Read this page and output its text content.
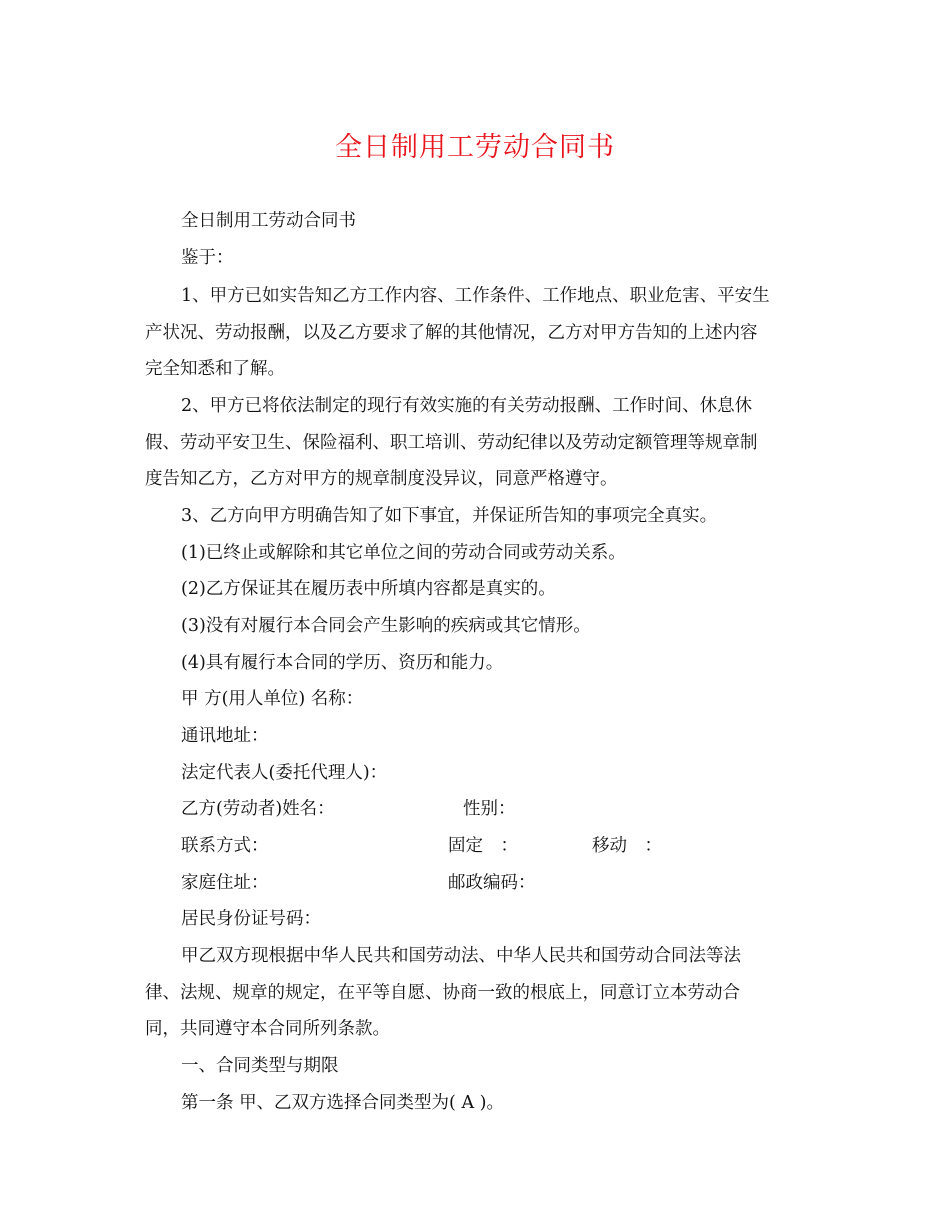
全日制用工劳动合同书
全日制用工劳动合同书
鉴于：
1、甲方已如实告知乙方工作内容、工作条件、工作地点、职业危害、平安生
产状况、劳动报酬，以及乙方要求了解的其他情况，乙方对甲方告知的上述内容
完全知悉和了解。
2、甲方已将依法制定的现行有效实施的有关劳动报酬、工作时间、休息休
假、劳动平安卫生、保险福利、职工培训、劳动纪律以及劳动定额管理等规章制
度告知乙方，乙方对甲方的规章制度没异议，同意严格遵守。
3、乙方向甲方明确告知了如下事宜，并保证所告知的事项完全真实。
(1)已终止或解除和其它单位之间的劳动合同或劳动关系。
(2)乙方保证其在履历表中所填内容都是真实的。
(3)没有对履行本合同会产生影响的疾病或其它情形。
(4)具有履行本合同的学历、资历和能力。
甲 方(用人单位) 名称：
通讯地址：
法定代表人(委托代理人)：
乙方(劳动者)姓名：	性别：
联系方式：	固定　：	移动　：
家庭住址：	邮政编码：
居民身份证号码：
甲乙双方现根据中华人民共和国劳动法、中华人民共和国劳动合同法等法
律、法规、规章的规定，在平等自愿、协商一致的根底上，同意订立本劳动合
同，共同遵守本合同所列条款。
一、合同类型与期限
第一条 甲、乙双方选择合同类型为( A )。
